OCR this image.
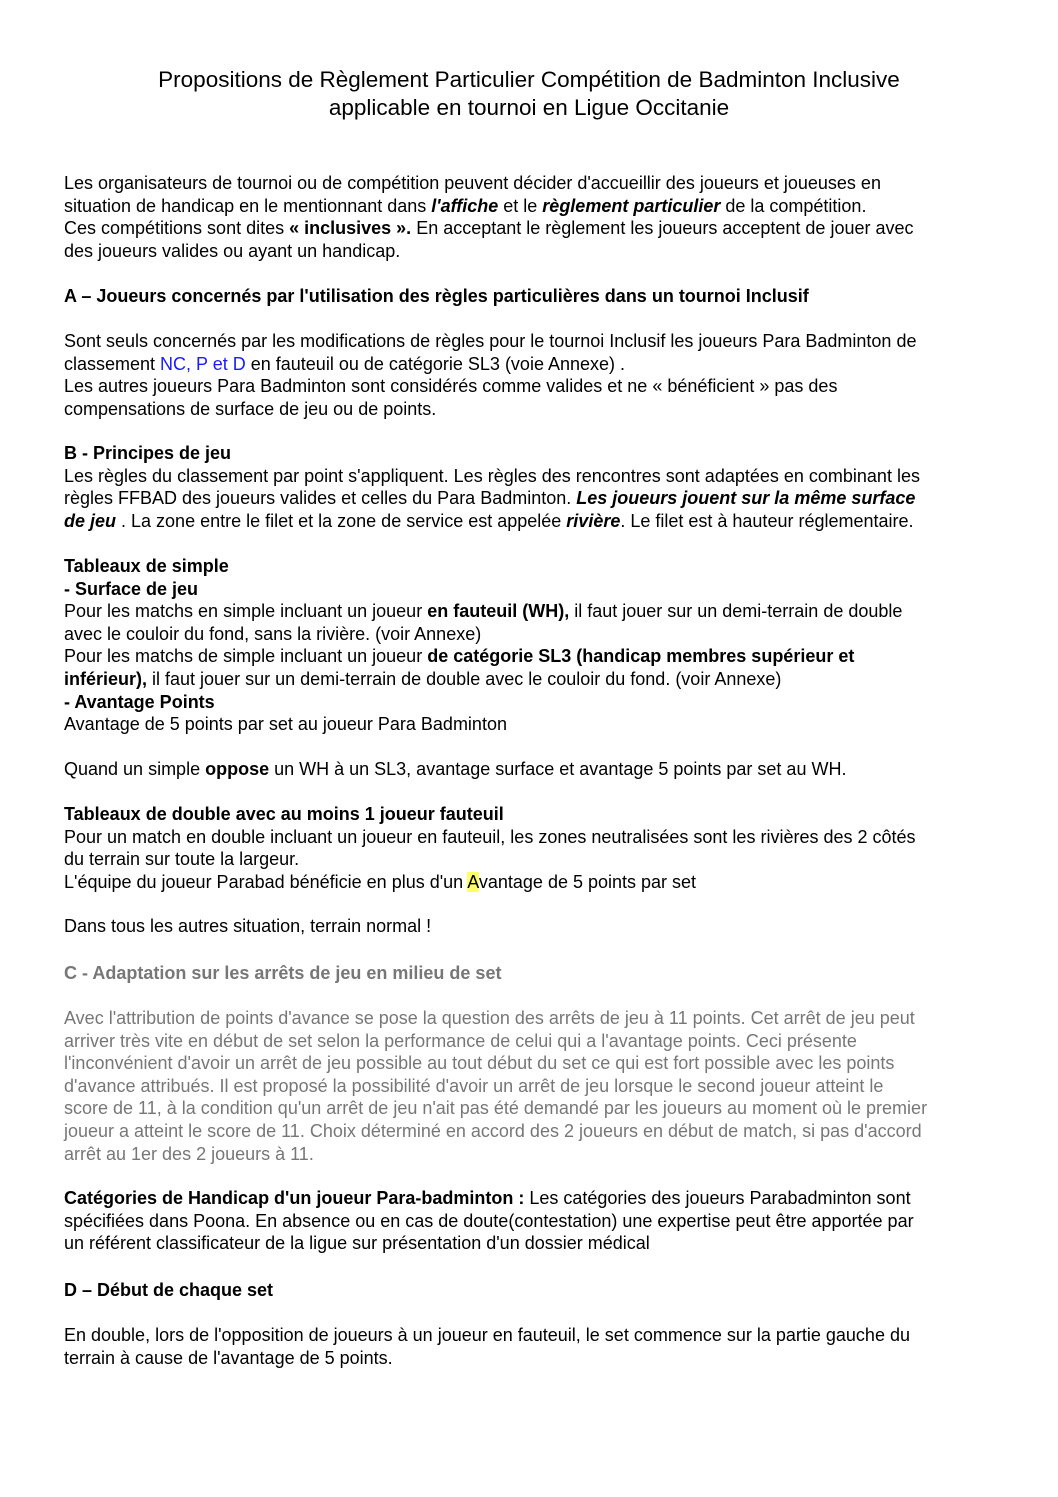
Propositions de Règlement Particulier Compétition de Badminton Inclusive
applicable en tournoi en Ligue Occitanie

Les organisateurs de tournoi ou de compétition peuvent décider d'accueillir des joueurs et joueuses en

situation de handicap en le mentionnant dans l'affiche et le règlement particulier de la compétition.

Ces compétitions sont dites « inclusives ». En acceptant le règlement les joueurs acceptent de jouer avec

des joueurs valides ou ayant un handicap.

A – Joueurs concernés par l'utilisation des règles particulières dans un tournoi Inclusif

Sont seuls concernés par les modifications de règles pour le tournoi Inclusif les joueurs Para Badminton de

classement NC, P et D en fauteuil ou de catégorie SL3 (voie Annexe) .

Les autres joueurs Para Badminton sont considérés comme valides et ne « bénéficient » pas des

compensations de surface de jeu ou de points.

B - Principes de jeu

Les règles du classement par point s'appliquent. Les règles des rencontres sont adaptées en combinant les

règles FFBAD des joueurs valides et celles du Para Badminton. Les joueurs jouent sur la même surface

de jeu . La zone entre le filet et la zone de service est appelée rivière. Le filet est à hauteur réglementaire.

Tableaux de simple

- Surface de jeu

Pour les matchs en simple incluant un joueur en fauteuil (WH), il faut jouer sur un demi-terrain de double

avec le couloir du fond, sans la rivière. (voir Annexe)

Pour les matchs de simple incluant un joueur de catégorie SL3 (handicap membres supérieur et

inférieur), il faut jouer sur un demi-terrain de double avec le couloir du fond. (voir Annexe)

- Avantage Points

Avantage de 5 points par set au joueur Para Badminton

Quand un simple oppose un WH à un SL3, avantage surface et avantage 5 points par set au WH.

Tableaux de double avec au moins 1 joueur fauteuil

Pour un match en double incluant un joueur en fauteuil, les zones neutralisées sont les rivières des 2 côtés

du terrain sur toute la largeur.

L'équipe du joueur Parabad bénéficie en plus d'un Avantage de 5 points par set

Dans tous les autres situation, terrain normal !

C - Adaptation sur les arrêts de jeu en milieu de set

Avec l'attribution de points d'avance se pose la question des arrêts de jeu à 11 points. Cet arrêt de jeu peut

arriver très vite en début de set selon la performance de celui qui a l'avantage points. Ceci présente

l'inconvénient d'avoir un arrêt de jeu possible au tout début du set ce qui est fort possible avec les points

d'avance attribués. Il est proposé la possibilité d'avoir un arrêt de jeu lorsque le second joueur atteint le

score de 11, à la condition qu'un arrêt de jeu n'ait pas été demandé par les joueurs au moment où le premier

joueur a atteint le score de 11. Choix déterminé en accord des 2 joueurs en début de match, si pas d'accord

arrêt au 1er des 2 joueurs à 11.

Catégories de Handicap d'un joueur Para-badminton : Les catégories des joueurs Parabadminton sont

spécifiées dans Poona. En absence ou en cas de doute(contestation) une expertise peut être apportée par

un référent classificateur de la ligue sur présentation d'un dossier médical

D – Début de chaque set

En double, lors de l'opposition de joueurs à un joueur en fauteuil, le set commence sur la partie gauche du

terrain à cause de l'avantage de 5 points.
